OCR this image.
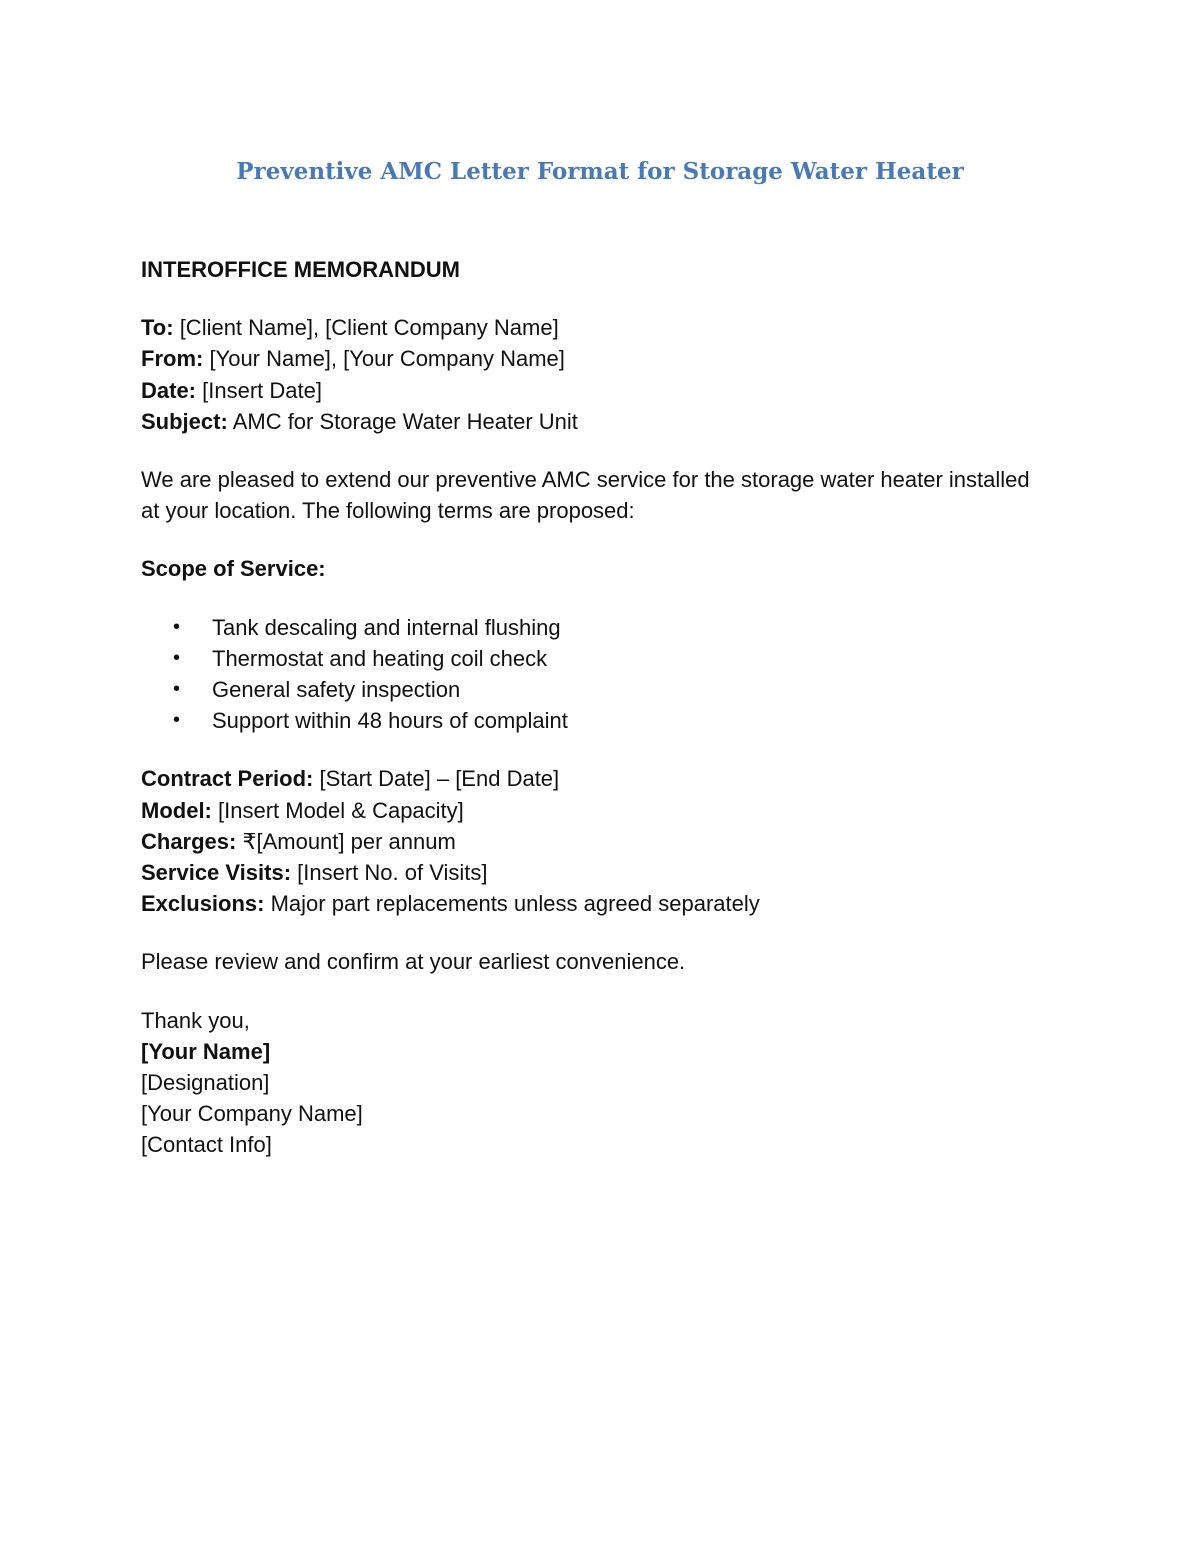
Preventive AMC Letter Format for Storage Water Heater

INTEROFFICE MEMORANDUM

To: [Client Name], [Client Company Name]

From: [Your Name], [Your Company Name]

Date: [Insert Date]

Subject: AMC for Storage Water Heater Unit

We are pleased to extend our preventive AMC service for the storage water heater installed at your location. The following terms are proposed:

Scope of Service:

• Tank descaling and internal flushing
• Thermostat and heating coil check
• General safety inspection
• Support within 48 hours of complaint

Contract Period: [Start Date] – [End Date]

Model: [Insert Model & Capacity]

Charges: ₹[Amount] per annum

Service Visits: [Insert No. of Visits]

Exclusions: Major part replacements unless agreed separately

Please review and confirm at your earliest convenience.

Thank you,

[Your Name]

[Designation]

[Your Company Name]

[Contact Info]
